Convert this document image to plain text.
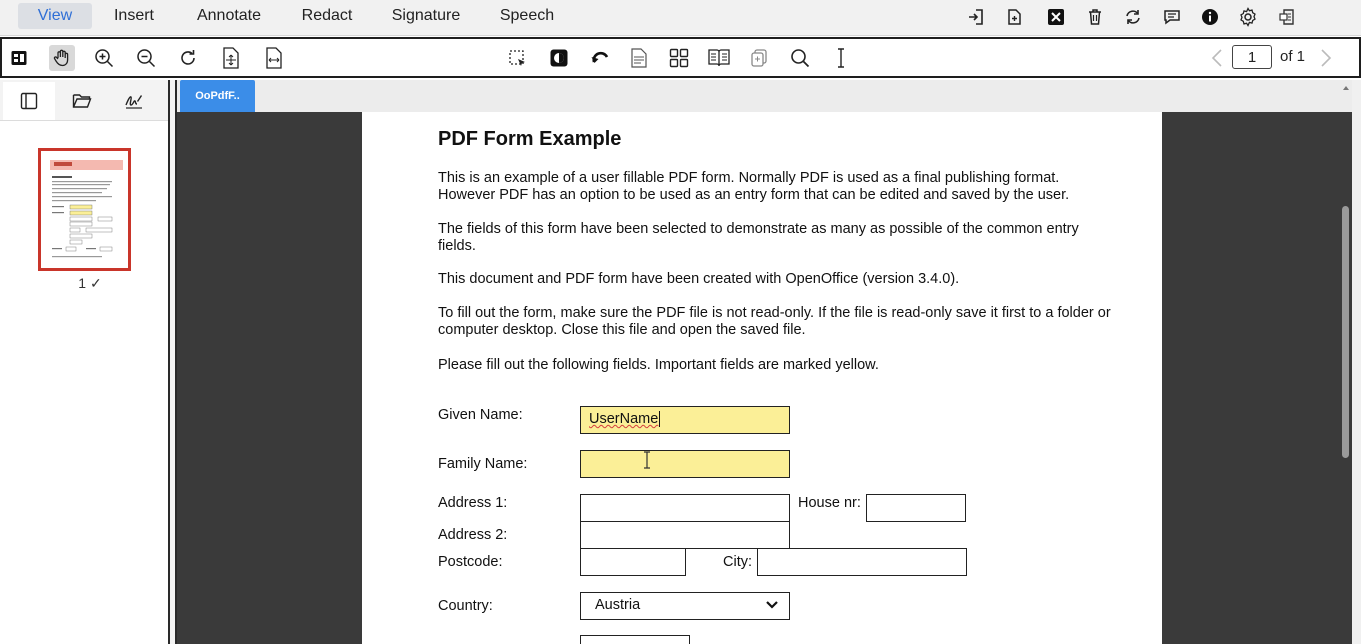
View	Insert	Annotate	Redact	Signature	Speech
1
of 1
1 ✓
OoPdfF..
PDF Form Example
This is an example of a user fillable PDF form. Normally PDF is used as a final publishing format. However PDF has an option to be used as an entry form that can be edited and saved by the user.
The fields of this form have been selected to demonstrate as many as possible of the common entry fields.
This document and PDF form have been created with OpenOffice (version 3.4.0).
To fill out the form, make sure the PDF file is not read-only. If the file is read-only save it first to a folder or computer desktop. Close this file and open the saved file.
Please fill out the following fields. Important fields are marked yellow.
Given Name:	UserName
Family Name:
Address 1:	House nr:
Address 2:
Postcode:	City:
Country:	Austria
